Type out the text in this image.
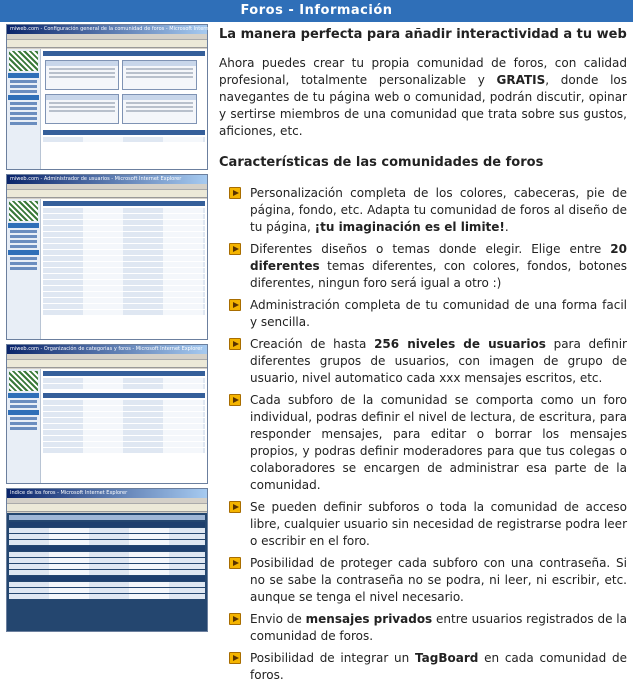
Foros - Información
miweb.com - Configuración general de la comunidad de foros - Microsoft Internet Explorer

miweb.com - Administrador de usuarios - Microsoft Internet Explorer
miweb.com - Organización de categorias y foros - Microsoft Internet Explorer
Indice de los foros - Microsoft Internet Explorer
La manera perfecta para añadir interactividad a tu web

Ahora puedes crear tu propia comunidad de foros, con calidad profesional, totalmente personalizable y GRATIS, donde los navegantes de tu página web o comunidad, podrán discutir, opinar y sertirse miembros de una comunidad que trata sobre sus gustos, aficiones, etc.

Características de las comunidades de foros
Personalización completa de los colores, cabeceras, pie de página, fondo, etc. Adapta tu comunidad de foros al diseño de tu página, ¡tu imaginación es el limite!.
Diferentes diseños o temas donde elegir. Elige entre 20 diferentes temas diferentes, con colores, fondos, botones diferentes, ningun foro será igual a otro :)
Administración completa de tu comunidad de una forma facil y sencilla.
Creación de hasta 256 niveles de usuarios para definir diferentes grupos de usuarios, con imagen de grupo de usuario, nivel automatico cada xxx mensajes escritos, etc.
Cada subforo de la comunidad se comporta como un foro individual, podras definir el nivel de lectura, de escritura, para responder mensajes, para editar o borrar los mensajes propios, y podras definir moderadores para que tus colegas o colaboradores se encargen de administrar esa parte de la comunidad.
Se pueden definir subforos o toda la comunidad de acceso libre, cualquier usuario sin necesidad de registrarse podra leer o escribir en el foro.
Posibilidad de proteger cada subforo con una contraseña. Si no se sabe la contraseña no se podra, ni leer, ni escribir, etc. aunque se tenga el nivel necesario.
Envio de mensajes privados entre usuarios registrados de la comunidad de foros.
Posibilidad de integrar un TagBoard en cada comunidad de foros.
